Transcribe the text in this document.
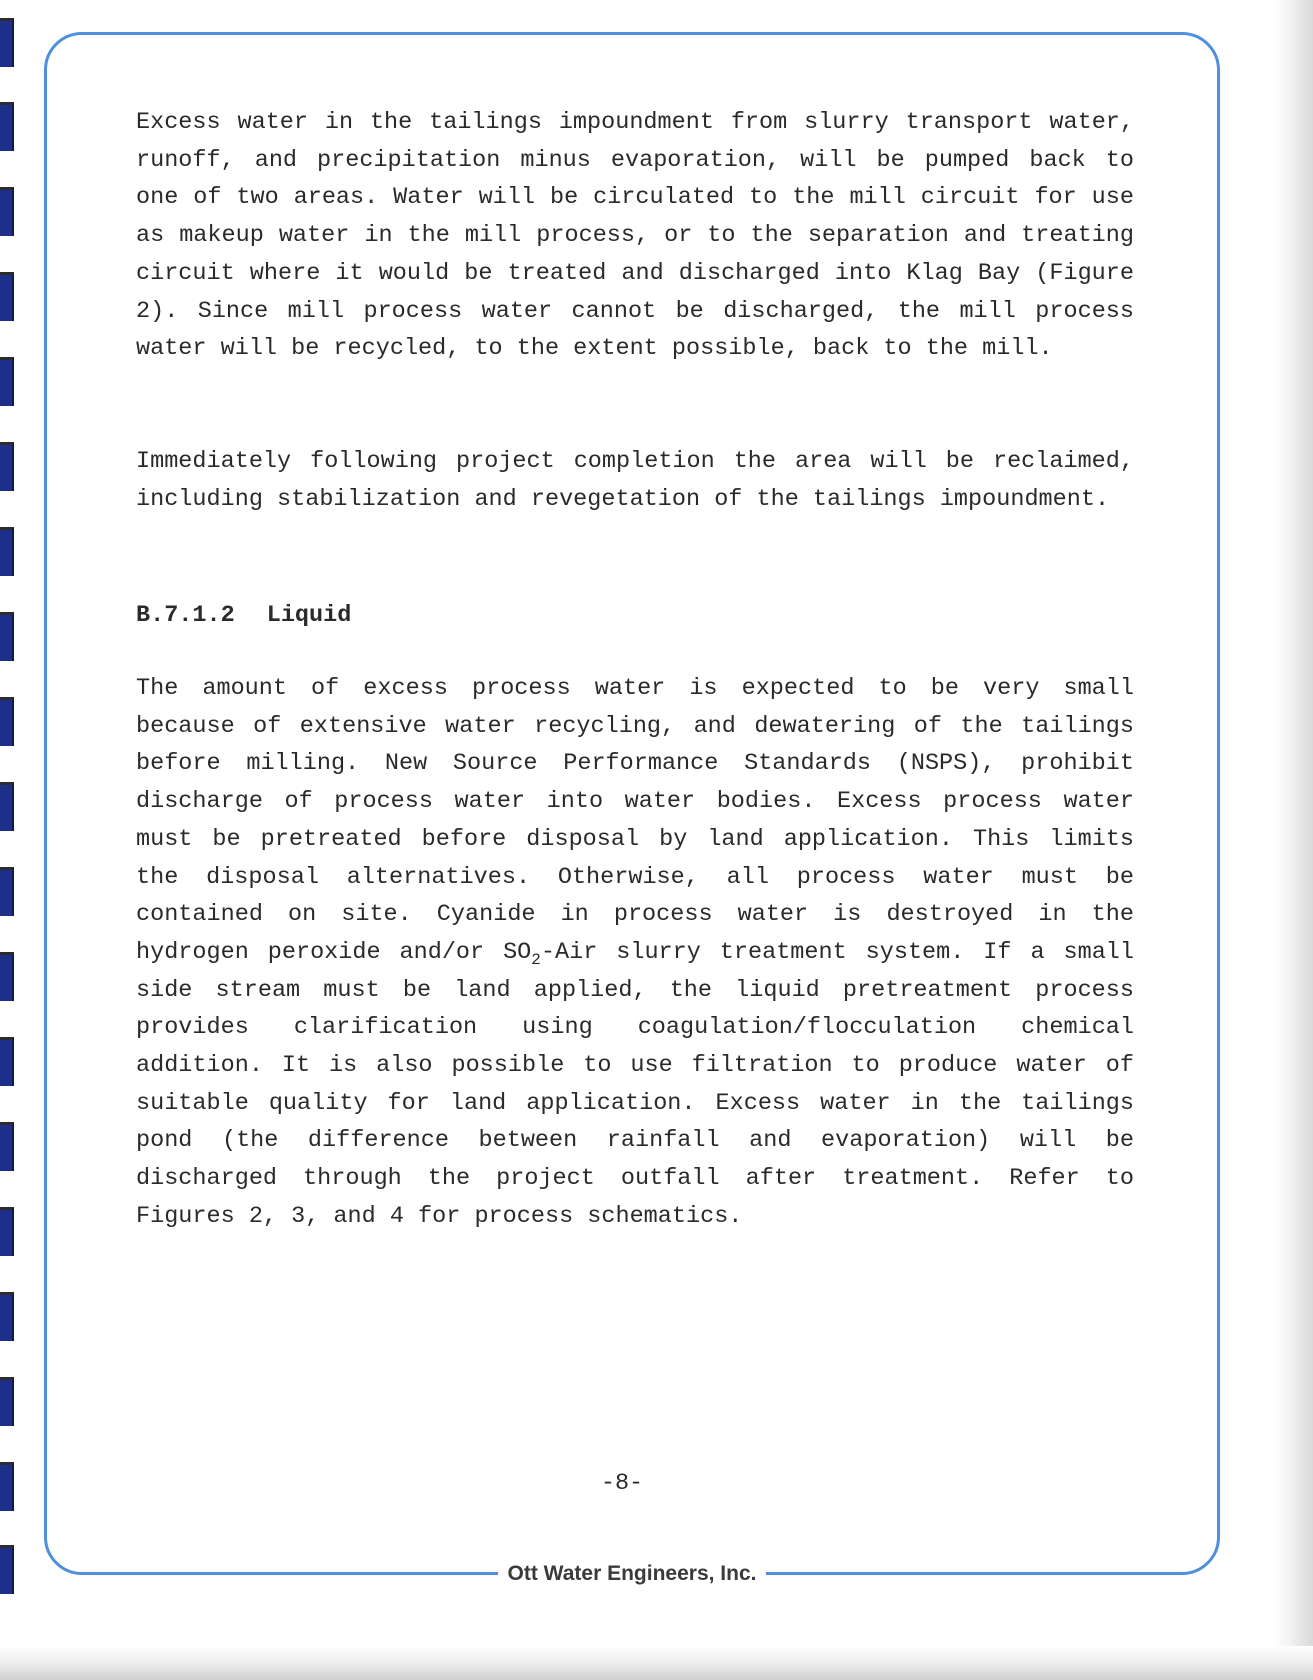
Excess water in the tailings impoundment from slurry transport water, runoff, and precipitation minus evaporation, will be pumped back to one of two areas. Water will be circulated to the mill circuit for use as makeup water in the mill process, or to the separation and treating circuit where it would be treated and discharged into Klag Bay (Figure 2). Since mill process water cannot be discharged, the mill process water will be recycled, to the extent possible, back to the mill.

Immediately following project completion the area will be reclaimed, including stabilization and revegetation of the tailings impoundment.

B.7.1.2 Liquid

The amount of excess process water is expected to be very small because of extensive water recycling, and dewatering of the tailings before milling. New Source Performance Standards (NSPS), prohibit discharge of process water into water bodies. Excess process water must be pretreated before disposal by land application. This limits the disposal alternatives. Otherwise, all process water must be contained on site. Cyanide in process water is destroyed in the hydrogen peroxide and/or $SO_2$-Air slurry treatment system. If a small side stream must be land applied, the liquid pretreatment process provides clarification using coagulation/flocculation chemical addition. It is also possible to use filtration to produce water of suitable quality for land application. Excess water in the tailings pond (the difference between rainfall and evaporation) will be discharged through the project outfall after treatment. Refer to Figures 2, 3, and 4 for process schematics.

-8-
Ott Water Engineers, Inc.
